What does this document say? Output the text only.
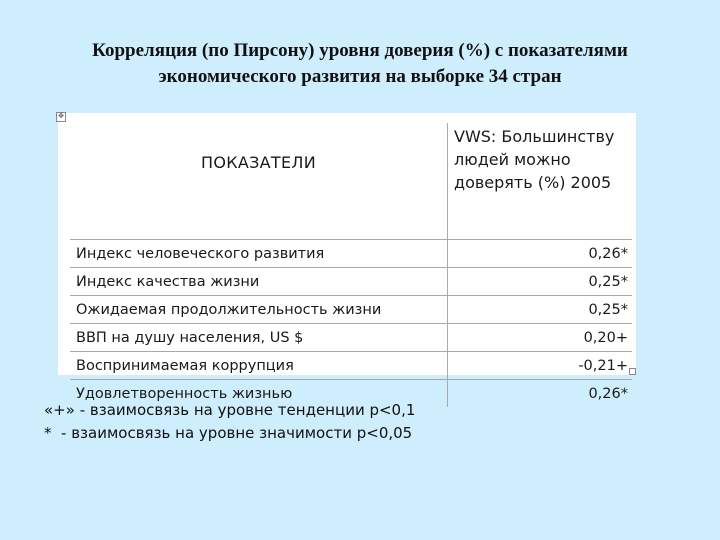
Корреляция (по Пирсону) уровня доверия (%) с показателями
экономического развития на выборке 34 стран
✥
ПОКАЗАТЕЛИ	VWS: Большинству
людей можно
доверять (%) 2005

Индекс человеческого развития	0,26*
Индекс качества жизни	0,25*
Ожидаемая продолжительность жизни	0,25*
ВВП на душу населения, US $	0,20+
Воспринимаемая коррупция	-0,21+
Удовлетворенность жизнью	0,26*
«+» - взаимосвязь на уровне тенденции p<0,1
*  - взаимосвязь на уровне значимости p<0,05
